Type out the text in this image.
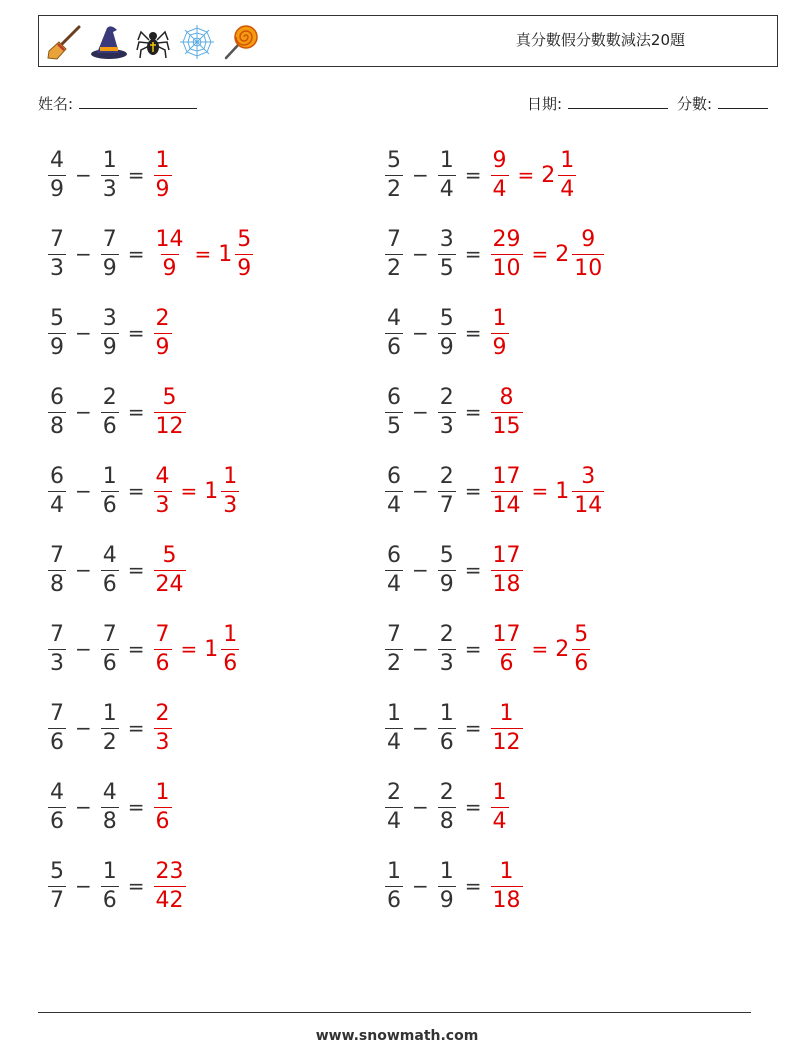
真分數假分數數減法20題
姓名:	日期:	分數:
$\frac{4}{9} - \frac{1}{3} = \frac{1}{9}$	$\frac{5}{2} - \frac{1}{4} = \frac{9}{4} = 2 \frac{1}{4}$
$\frac{7}{3} - \frac{7}{9} = \frac{14}{9} = 1 \frac{5}{9}$	$\frac{7}{2} - \frac{3}{5} = \frac{29}{10} = 2 \frac{9}{10}$
$\frac{5}{9} - \frac{3}{9} = \frac{2}{9}$	$\frac{4}{6} - \frac{5}{9} = \frac{1}{9}$
$\frac{6}{8} - \frac{2}{6} = \frac{5}{12}$	$\frac{6}{5} - \frac{2}{3} = \frac{8}{15}$
$\frac{6}{4} - \frac{1}{6} = \frac{4}{3} = 1 \frac{1}{3}$	$\frac{6}{4} - \frac{2}{7} = \frac{17}{14} = 1 \frac{3}{14}$
$\frac{7}{8} - \frac{4}{6} = \frac{5}{24}$	$\frac{6}{4} - \frac{5}{9} = \frac{17}{18}$
$\frac{7}{3} - \frac{7}{6} = \frac{7}{6} = 1 \frac{1}{6}$	$\frac{7}{2} - \frac{2}{3} = \frac{17}{6} = 2 \frac{5}{6}$
$\frac{7}{6} - \frac{1}{2} = \frac{2}{3}$	$\frac{1}{4} - \frac{1}{6} = \frac{1}{12}$
$\frac{4}{6} - \frac{4}{8} = \frac{1}{6}$	$\frac{2}{4} - \frac{2}{8} = \frac{1}{4}$
$\frac{5}{7} - \frac{1}{6} = \frac{23}{42}$	$\frac{1}{6} - \frac{1}{9} = \frac{1}{18}$
www.snowmath.com
